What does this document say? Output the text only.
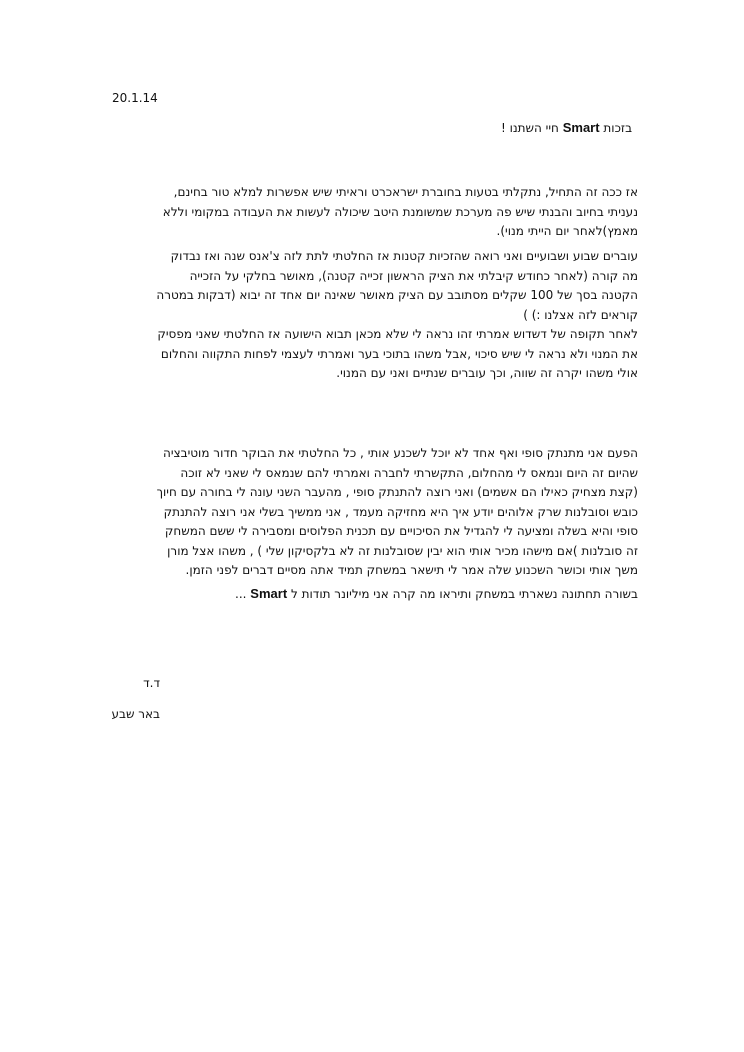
20.1.14
בזכות Smart חיי השתנו !

אז ככה זה התחיל, נתקלתי בטעות בחוברת ישראכרט וראיתי שיש אפשרות למלא טור בחינם,
נעניתי בחיוב והבנתי שיש פה מערכת שמשומנת היטב שיכולה לעשות את העבודה במקומי וללא
מאמץ)לאחר יום הייתי מנוי).

עוברים שבוע ושבועיים ואני רואה שהזכיות קטנות אז החלטתי לתת לזה צ'אנס שנה ואז נבדוק
מה קורה (לאחר כחודש קיבלתי את הציק הראשון זכייה קטנה), מאושר בחלקי על הזכייה
הקטנה בסך של 100 שקלים מסתובב עם הציק מאושר שאינה יום אחד זה יבוא (דבקות במטרה
קוראים לזה אצלנו :) )

לאחר תקופה של דשדוש אמרתי זהו נראה לי שלא מכאן תבוא הישועה אז החלטתי שאני מפסיק
את המנוי ולא נראה לי שיש סיכוי ,אבל משהו בתוכי בער ואמרתי לעצמי לפחות התקווה והחלום
אולי משהו יקרה זה שווה, וכך עוברים שנתיים ואני עם המנוי.

הפעם אני מתנתק סופי ואף אחד לא יוכל לשכנע אותי , כל החלטתי את הבוקר חדור מוטיבציה
שהיום זה היום ונמאס לי מהחלום, התקשרתי לחברה ואמרתי להם שנמאס לי שאני לא זוכה
(קצת מצחיק כאילו הם אשמים) ואני רוצה להתנתק סופי , מהעבר השני עונה לי בחורה עם חיוך
כובש וסובלנות שרק אלוהים יודע איך היא מחזיקה מעמד , אני ממשיך בשלי אני רוצה להתנתק
סופי והיא בשלה ומציעה לי להגדיל את הסיכויים עם תכנית הפלוסים ומסבירה לי ששם המשחק
זה סובלנות )אם מישהו מכיר אותי הוא יבין שסובלנות זה לא בלקסיקון שלי ) , משהו אצל מורן
משך אותי וכושר השכנוע שלה אמר לי תישאר במשחק תמיד אתה מסיים דברים לפני הזמן.

בשורה תחתונה נשארתי במשחק ותיראו מה קרה אני מיליונר תודות ל Smart ...
ד.ד
באר שבע
